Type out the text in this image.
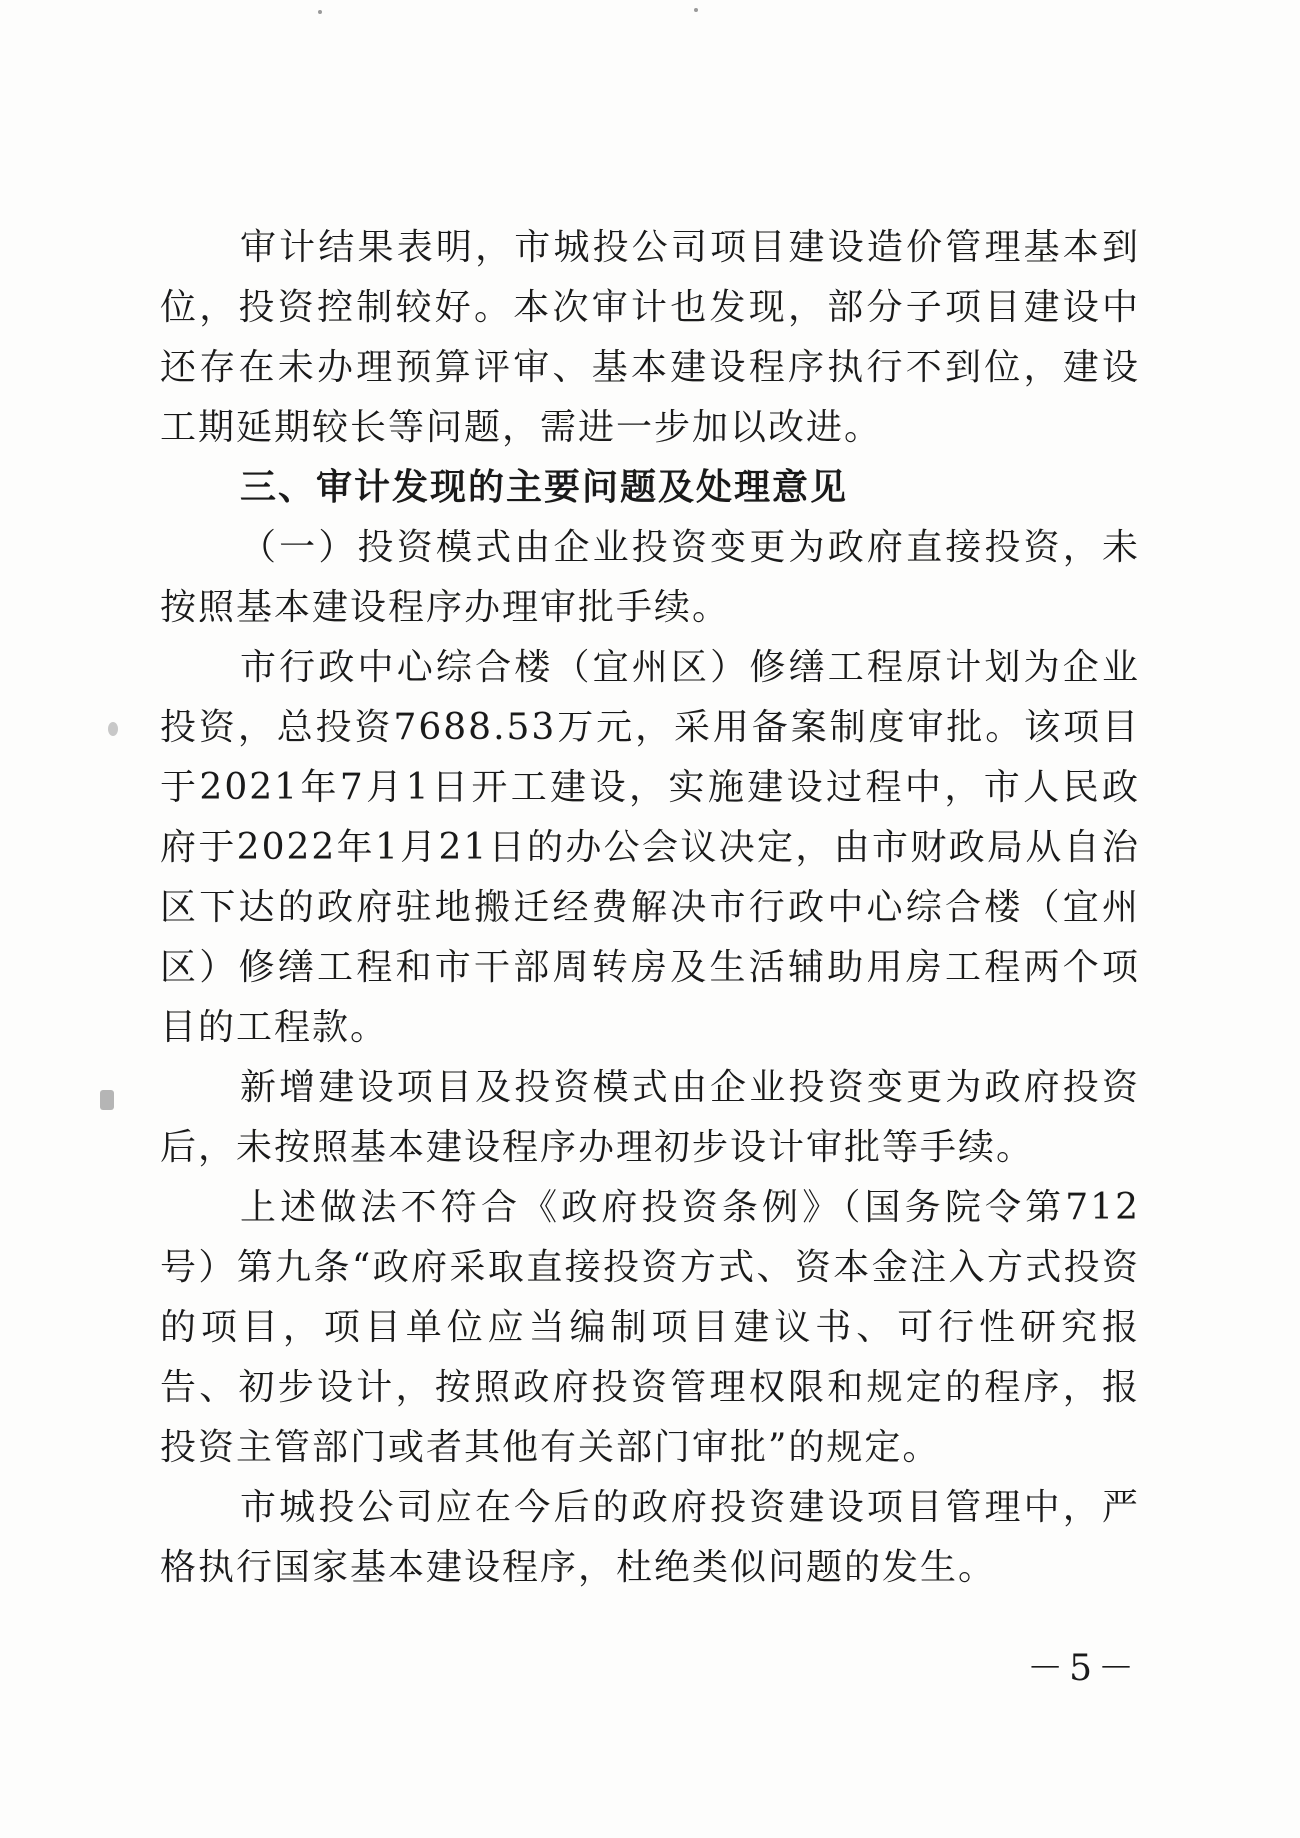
审计结果表明，市城投公司项目建设造价管理基本到位，投资控制较好。本次审计也发现，部分子项目建设中还存在未办理预算评审、基本建设程序执行不到位，建设工期延期较长等问题，需进一步加以改进。

三、审计发现的主要问题及处理意见

（一）投资模式由企业投资变更为政府直接投资，未按照基本建设程序办理审批手续。

市行政中心综合楼（宜州区）修缮工程原计划为企业投资，总投资7688.53万元，采用备案制度审批。该项目于2021年7月1日开工建设，实施建设过程中，市人民政府于2022年1月21日的办公会议决定，由市财政局从自治区下达的政府驻地搬迁经费解决市行政中心综合楼（宜州区）修缮工程和市干部周转房及生活辅助用房工程两个项目的工程款。

新增建设项目及投资模式由企业投资变更为政府投资后，未按照基本建设程序办理初步设计审批等手续。

上述做法不符合《政府投资条例》（国务院令第712号）第九条“政府采取直接投资方式、资本金注入方式投资的项目，项目单位应当编制项目建议书、可行性研究报告、初步设计，按照政府投资管理权限和规定的程序，报投资主管部门或者其他有关部门审批”的规定。

市城投公司应在今后的政府投资建设项目管理中，严格执行国家基本建设程序，杜绝类似问题的发生。

－5－
